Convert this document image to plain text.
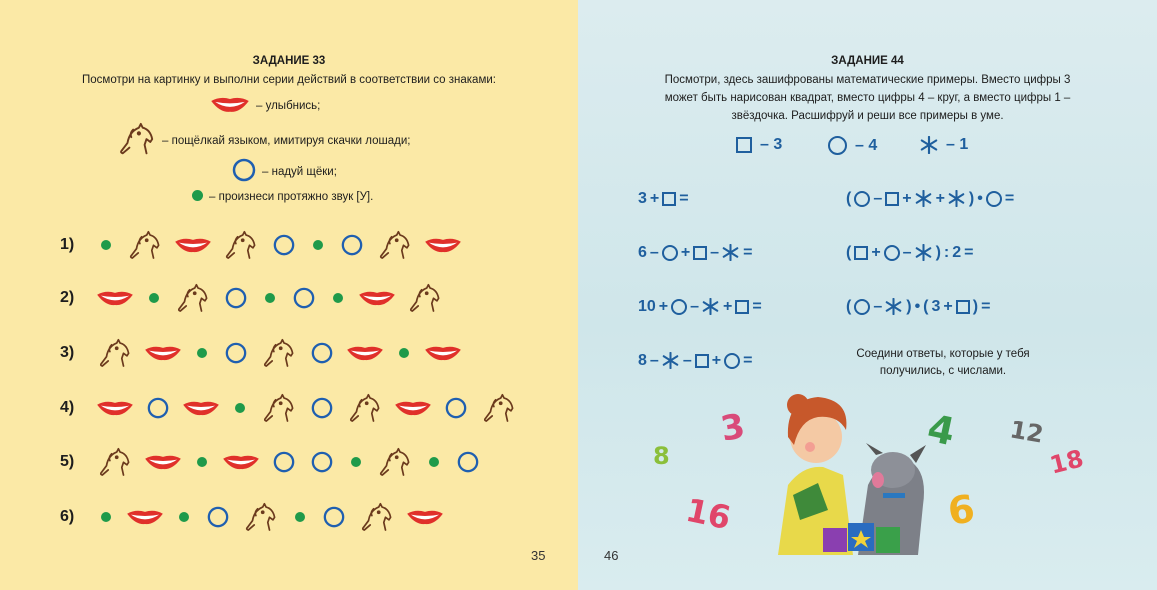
ЗАДАНИЕ 33
Посмотри на картинку и выполни серии действий в соответствии со знаками:
– улыбнись;
– пощёлкай языком, имитируя скачки лошади;
– надуй щёки;
– произнеси протяжно звук [У].
1)
2)
3)
4)
5)
6)
35
ЗАДАНИЕ 44
Посмотри, здесь зашифрованы математические примеры. Вместо цифры 3
может быть нарисован квадрат, вместо цифры 4 – круг, а вместо цифры 1 –
звёздочка. Расшифруй и реши все примеры в уме.
– 3	– 4	– 1
3 + =
6 – + – =
10 + – + =
8 – – + =
( – + + ) • =
( + – ) : 2 =
( – ) • ( 3 + ) =
Соедини ответы, которые у тебя получились, с числами.
3	4 12
8	18
16	6
46
